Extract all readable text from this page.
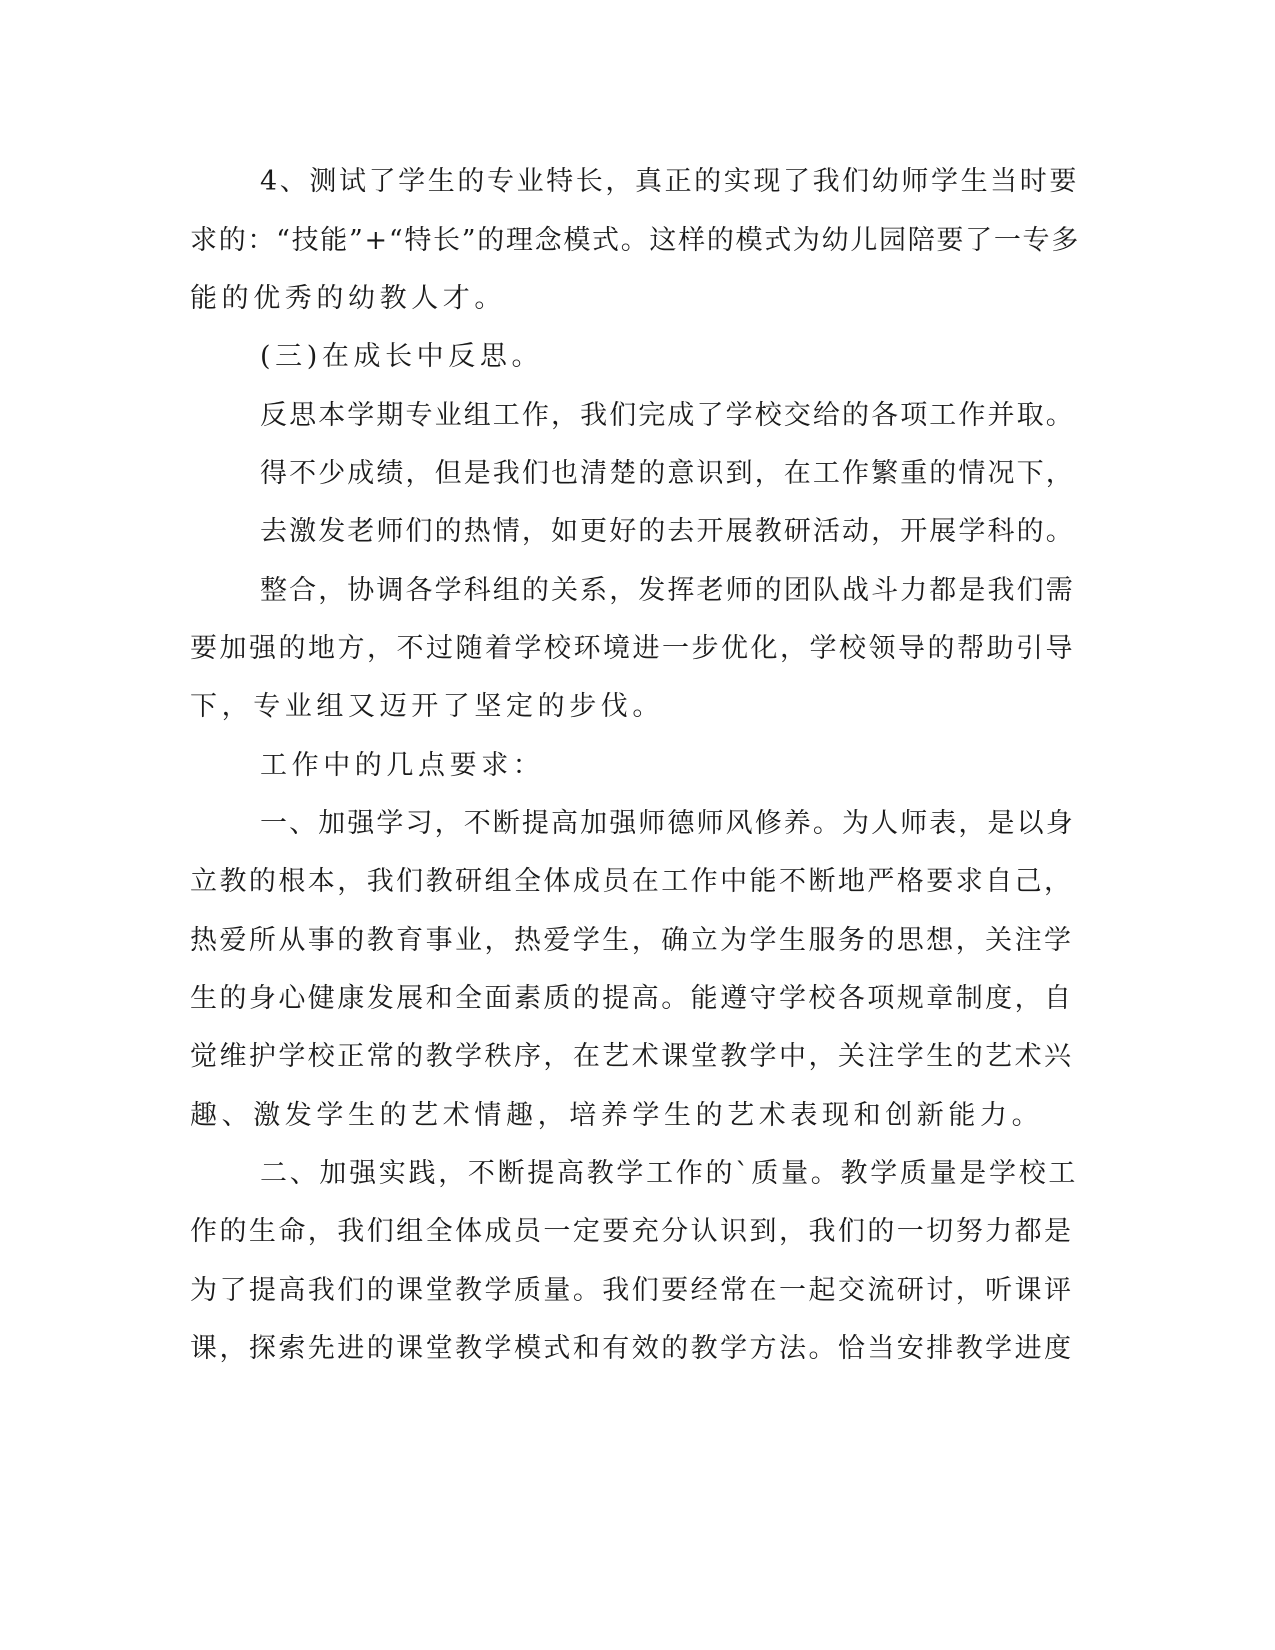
4、测试了学生的专业特长，真正的实现了我们幼师学生当时要
求的：“技能”+“特长”的理念模式。这样的模式为幼儿园陪要了一专多
能的优秀的幼教人才。
(三)在成长中反思。
反思本学期专业组工作，我们完成了学校交给的各项工作并取。
得不少成绩，但是我们也清楚的意识到，在工作繁重的情况下，
去激发老师们的热情，如更好的去开展教研活动，开展学科的。
整合，协调各学科组的关系，发挥老师的团队战斗力都是我们需
要加强的地方，不过随着学校环境进一步优化，学校领导的帮助引导
下，专业组又迈开了坚定的步伐。
工作中的几点要求：
一、加强学习，不断提高加强师德师风修养。为人师表，是以身
立教的根本，我们教研组全体成员在工作中能不断地严格要求自己，
热爱所从事的教育事业，热爱学生，确立为学生服务的思想，关注学
生的身心健康发展和全面素质的提高。能遵守学校各项规章制度，自
觉维护学校正常的教学秩序，在艺术课堂教学中，关注学生的艺术兴
趣、激发学生的艺术情趣，培养学生的艺术表现和创新能力。
二、加强实践，不断提高教学工作的`质量。教学质量是学校工
作的生命，我们组全体成员一定要充分认识到，我们的一切努力都是
为了提高我们的课堂教学质量。我们要经常在一起交流研讨，听课评
课，探索先进的课堂教学模式和有效的教学方法。恰当安排教学进度
